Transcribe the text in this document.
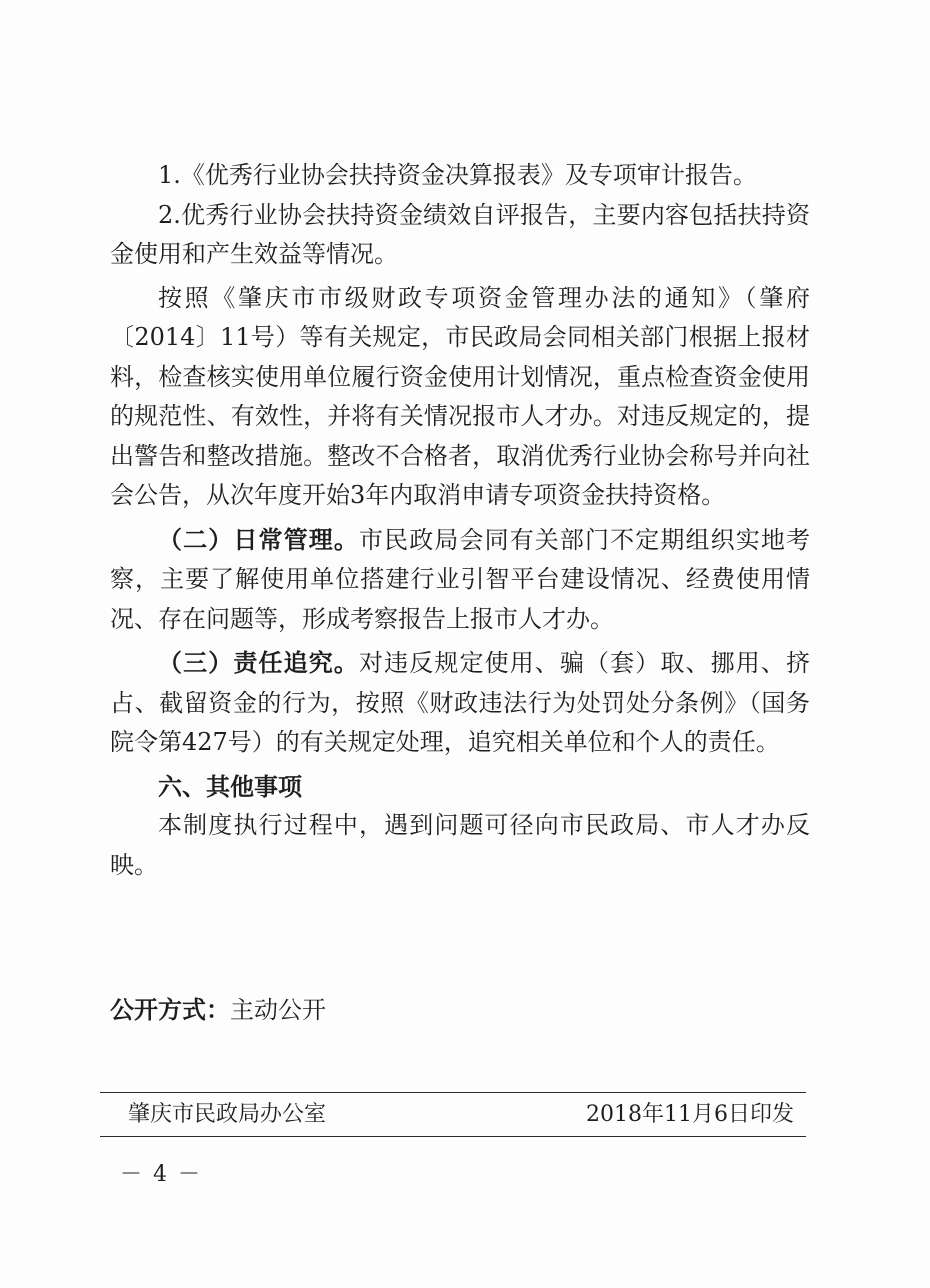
1.《优秀行业协会扶持资金决算报表》及专项审计报告。

2.优秀行业协会扶持资金绩效自评报告，主要内容包括扶持资金使用和产生效益等情况。

按照《肇庆市市级财政专项资金管理办法的通知》（肇府〔2014〕11号）等有关规定，市民政局会同相关部门根据上报材料，检查核实使用单位履行资金使用计划情况，重点检查资金使用的规范性、有效性，并将有关情况报市人才办。对违反规定的，提出警告和整改措施。整改不合格者，取消优秀行业协会称号并向社会公告，从次年度开始3年内取消申请专项资金扶持资格。

（二）日常管理。市民政局会同有关部门不定期组织实地考察，主要了解使用单位搭建行业引智平台建设情况、经费使用情况、存在问题等，形成考察报告上报市人才办。

（三）责任追究。对违反规定使用、骗（套）取、挪用、挤占、截留资金的行为，按照《财政违法行为处罚处分条例》（国务院令第427号）的有关规定处理，追究相关单位和个人的责任。

六、其他事项

本制度执行过程中，遇到问题可径向市民政局、市人才办反映。

公开方式：主动公开
肇庆市民政局办公室	2018年11月6日印发
－ 4 －
